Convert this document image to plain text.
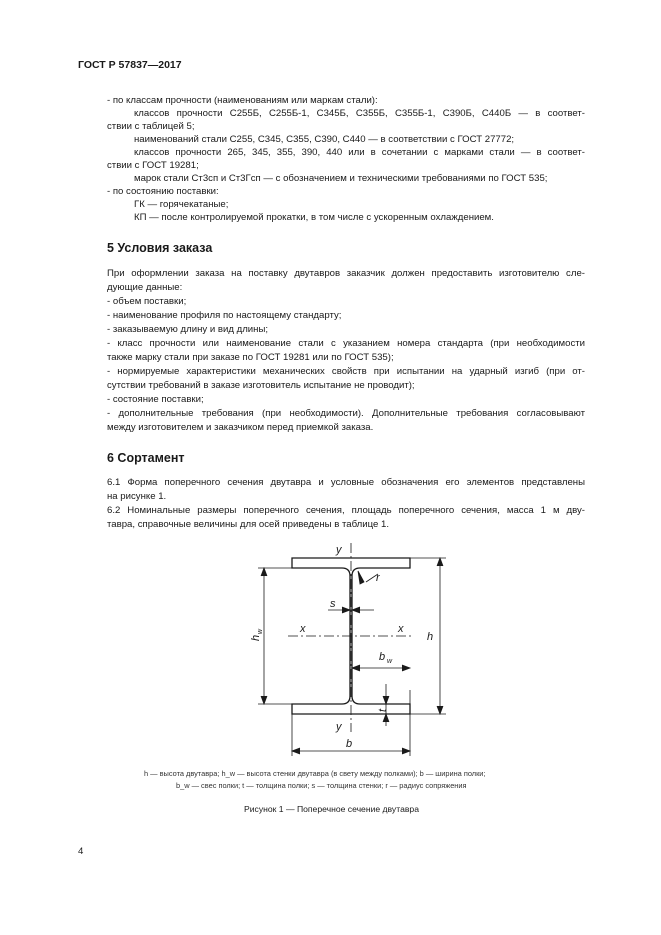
ГОСТ Р 57837—2017
- по классам прочности (наименованиям или маркам стали):
классов прочности С255Б, С255Б-1, С345Б, С355Б, С355Б-1, С390Б, С440Б — в соответ-
ствии с таблицей 5;
наименований стали С255, С345, С355, С390, С440 — в соответствии с ГОСТ 27772;
классов прочности 265, 345, 355, 390, 440 или в сочетании с марками стали — в соответ-
ствии с ГОСТ 19281;
марок стали Ст3сп и Ст3Гсп — с обозначением и техническими требованиями по ГОСТ 535;
- по состоянию поставки:
ГК — горячекатаные;
КП — после контролируемой прокатки, в том числе с ускоренным охлаждением.
5 Условия заказа
При оформлении заказа на поставку двутавров заказчик должен предоставить изготовителю сле-
дующие данные:
- объем поставки;
- наименование профиля по настоящему стандарту;
- заказываемую длину и вид длины;
- класс прочности или наименование стали с указанием номера стандарта (при необходимости
также марку стали при заказе по ГОСТ 19281 или по ГОСТ 535);
- нормируемые характеристики механических свойств при испытании на ударный изгиб (при от-
сутствии требований в заказе изготовитель испытание не проводит);
- состояние поставки;
- дополнительные требования (при необходимости). Дополнительные требования согласовывают
между изготовителем и заказчиком перед приемкой заказа.
6 Сортамент
6.1 Форма поперечного сечения двутавра и условные обозначения его элементов представлены
на рисунке 1.
6.2 Номинальные размеры поперечного сечения, площадь поперечного сечения, масса 1 м дву-
тавра, справочные величины для осей приведены в таблице 1.
y
y
x	x
r
s
h
b
b w
t
h
w
h — высота двутавра; h_w — высота стенки двутавра (в свету между полками); b — ширина полки;
b_w — свес полки; t — толщина полки; s — толщина стенки; r — радиус сопряжения
Рисунок 1 — Поперечное сечение двутавра
4
